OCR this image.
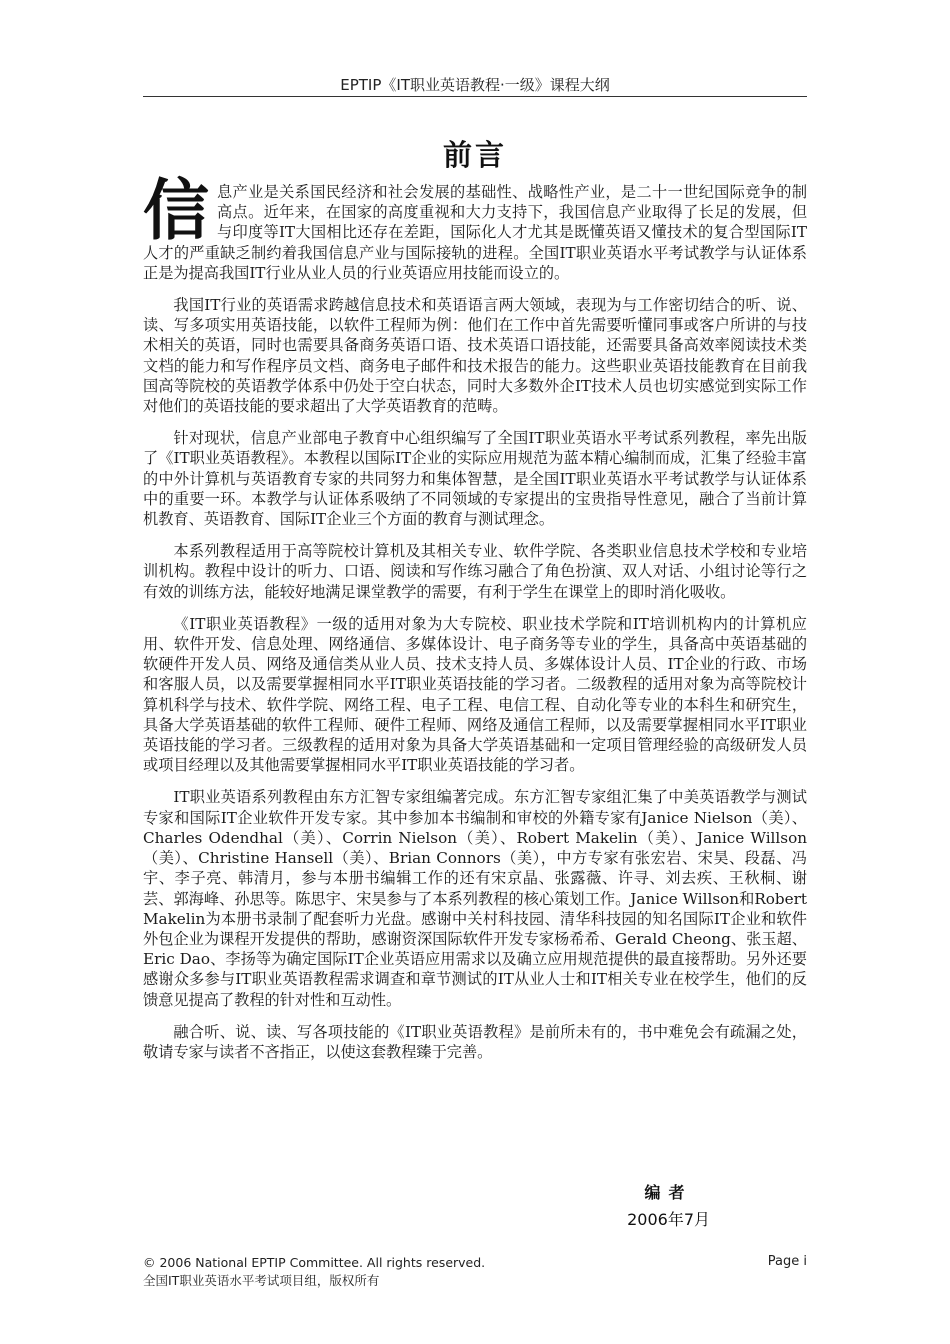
EPTIP《IT职业英语教程·一级》课程大纲
前言

信息产业是关系国民经济和社会发展的基础性、战略性产业，是二十一世纪国际竞争的制高点。近年来，在国家的高度重视和大力支持下，我国信息产业取得了长足的发展，但与印度等IT大国相比还存在差距，国际化人才尤其是既懂英语又懂技术的复合型国际IT人才的严重缺乏制约着我国信息产业与国际接轨的进程。全国IT职业英语水平考试教学与认证体系正是为提高我国IT行业从业人员的行业英语应用技能而设立的。

我国IT行业的英语需求跨越信息技术和英语语言两大领域，表现为与工作密切结合的听、说、读、写多项实用英语技能，以软件工程师为例：他们在工作中首先需要听懂同事或客户所讲的与技术相关的英语，同时也需要具备商务英语口语、技术英语口语技能，还需要具备高效率阅读技术类文档的能力和写作程序员文档、商务电子邮件和技术报告的能力。这些职业英语技能教育在目前我国高等院校的英语教学体系中仍处于空白状态，同时大多数外企IT技术人员也切实感觉到实际工作对他们的英语技能的要求超出了大学英语教育的范畴。

针对现状，信息产业部电子教育中心组织编写了全国IT职业英语水平考试系列教程，率先出版了《IT职业英语教程》。本教程以国际IT企业的实际应用规范为蓝本精心编制而成，汇集了经验丰富的中外计算机与英语教育专家的共同努力和集体智慧，是全国IT职业英语水平考试教学与认证体系中的重要一环。本教学与认证体系吸纳了不同领域的专家提出的宝贵指导性意见，融合了当前计算机教育、英语教育、国际IT企业三个方面的教育与测试理念。

本系列教程适用于高等院校计算机及其相关专业、软件学院、各类职业信息技术学校和专业培训机构。教程中设计的听力、口语、阅读和写作练习融合了角色扮演、双人对话、小组讨论等行之有效的训练方法，能较好地满足课堂教学的需要，有利于学生在课堂上的即时消化吸收。

《IT职业英语教程》一级的适用对象为大专院校、职业技术学院和IT培训机构内的计算机应用、软件开发、信息处理、网络通信、多媒体设计、电子商务等专业的学生，具备高中英语基础的软硬件开发人员、网络及通信类从业人员、技术支持人员、多媒体设计人员、IT企业的行政、市场和客服人员，以及需要掌握相同水平IT职业英语技能的学习者。二级教程的适用对象为高等院校计算机科学与技术、软件学院、网络工程、电子工程、电信工程、自动化等专业的本科生和研究生，具备大学英语基础的软件工程师、硬件工程师、网络及通信工程师，以及需要掌握相同水平IT职业英语技能的学习者。三级教程的适用对象为具备大学英语基础和一定项目管理经验的高级研发人员或项目经理以及其他需要掌握相同水平IT职业英语技能的学习者。

IT职业英语系列教程由东方汇智专家组编著完成。东方汇智专家组汇集了中美英语教学与测试专家和国际IT企业软件开发专家。其中参加本书编制和审校的外籍专家有Janice Nielson（美）、Charles Odendhal（美）、Corrin Nielson（美）、Robert Makelin（美）、Janice Willson（美）、Christine Hansell（美）、Brian Connors（美），中方专家有张宏岩、宋昊、段磊、冯宇、李子亮、韩清月，参与本册书编辑工作的还有宋京晶、张露薇、许寻、刘去疾、王秋桐、谢芸、郭海峰、孙思等。陈思宇、宋昊参与了本系列教程的核心策划工作。Janice Willson和Robert Makelin为本册书录制了配套听力光盘。感谢中关村科技园、清华科技园的知名国际IT企业和软件外包企业为课程开发提供的帮助，感谢资深国际软件开发专家杨希希、Gerald Cheong、张玉超、Eric Dao、李扬等为确定国际IT企业英语应用需求以及确立应用规范提供的最直接帮助。另外还要感谢众多参与IT职业英语教程需求调查和章节测试的IT从业人士和IT相关专业在校学生，他们的反馈意见提高了教程的针对性和互动性。

融合听、说、读、写各项技能的《IT职业英语教程》是前所未有的，书中难免会有疏漏之处，敬请专家与读者不吝指正，以使这套教程臻于完善。

编者
2006年7月
© 2006 National EPTIP Committee. All rights reserved.
全国IT职业英语水平考试项目组，版权所有
Page i
